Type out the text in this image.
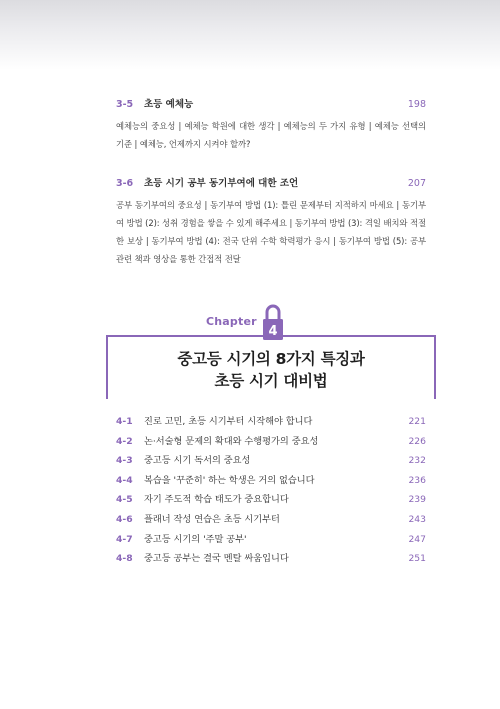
3-5	초등 예체능	198
예체능의 중요성 | 예체능 학원에 대한 생각 | 예체능의 두 가지 유형 | 예체능 선택의 기준 | 예체능, 언제까지 시켜야 할까?
3-6	초등 시기 공부 동기부여에 대한 조언	207
공부 동기부여의 중요성 | 동기부여 방법 (1): 틀린 문제부터 지적하지 마세요 | 동기부여 방법 (2): 성취 경험을 쌓을 수 있게 해주세요 | 동기부여 방법 (3): 격일 배치와 적절한 보상 | 동기부여 방법 (4): 전국 단위 수학 학력평가 응시 | 동기부여 방법 (5): 공부 관련 책과 영상을 통한 간접적 전달
Chapter
4
중고등 시기의 8가지 특징과
초등 시기 대비법
4-1	진로 고민, 초등 시기부터 시작해야 합니다	221
4-2	논·서술형 문제의 확대와 수행평가의 중요성	226
4-3	중고등 시기 독서의 중요성	232
4-4	복습을 '꾸준히' 하는 학생은 거의 없습니다	236
4-5	자기 주도적 학습 태도가 중요합니다	239
4-6	플래너 작성 연습은 초등 시기부터	243
4-7	중고등 시기의 '주말 공부'	247
4-8	중고등 공부는 결국 멘탈 싸움입니다	251
